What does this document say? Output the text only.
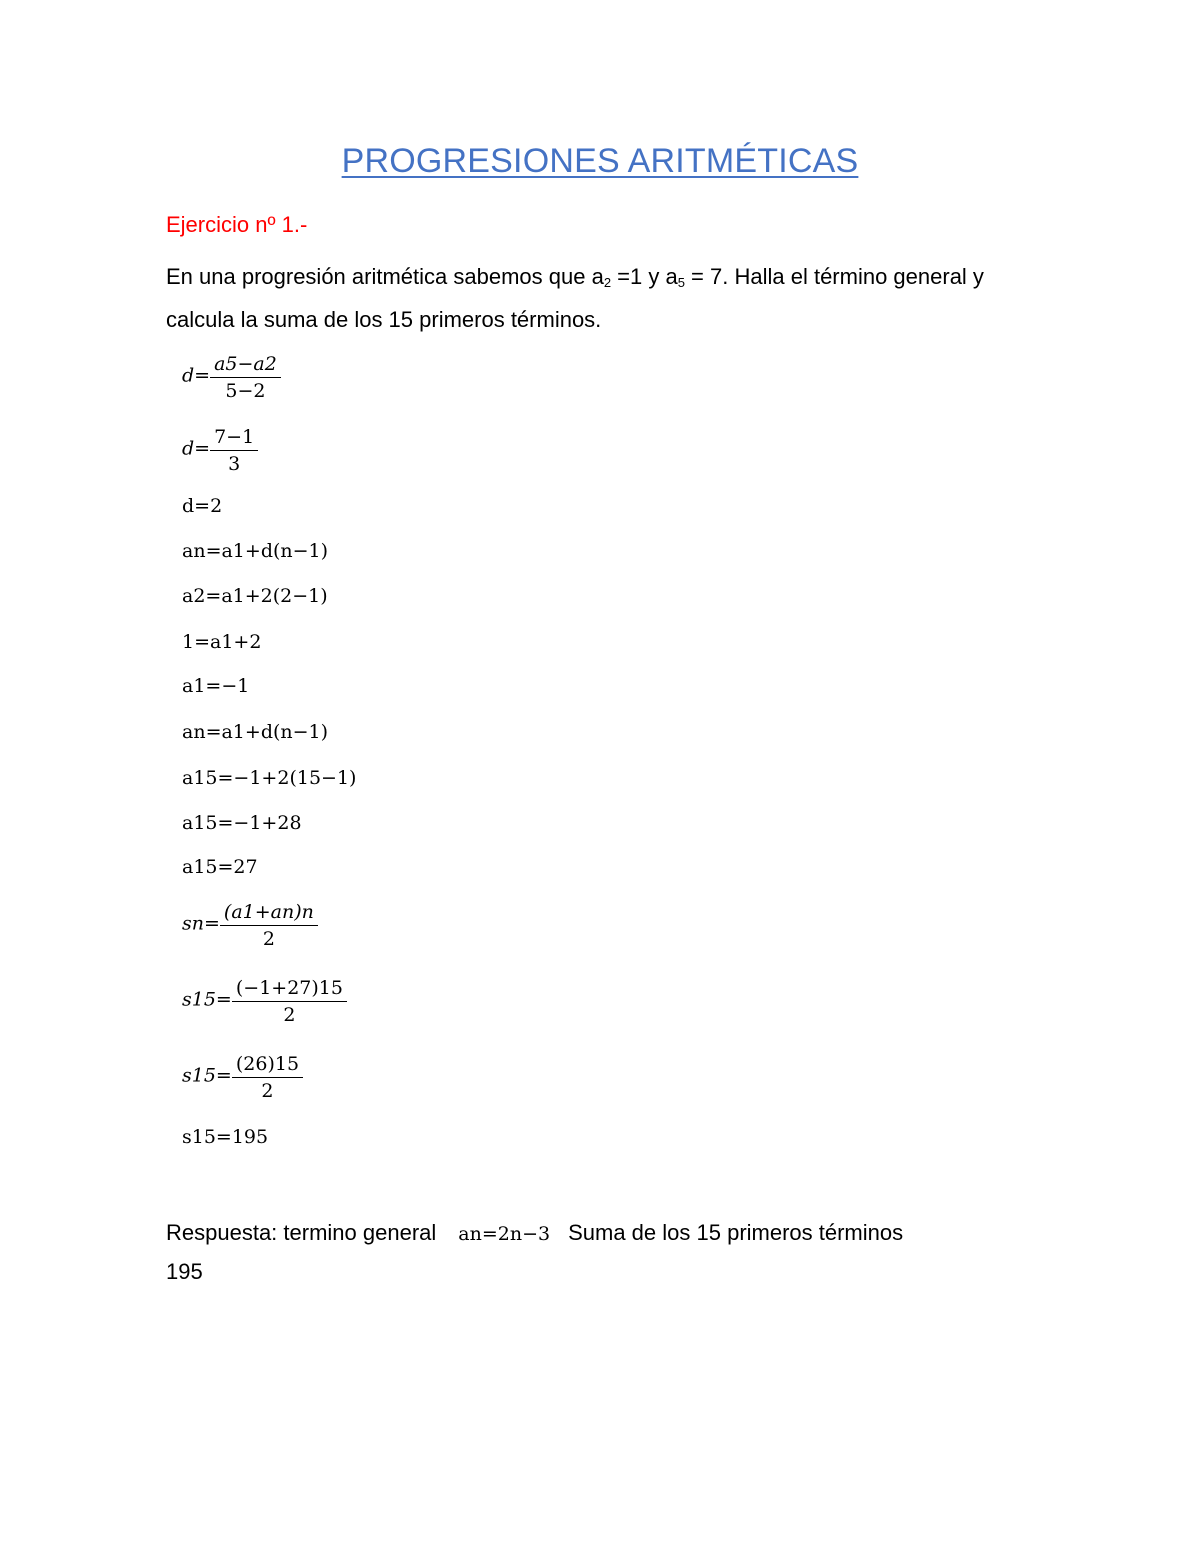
PROGRESIONES ARITMÉTICAS
Ejercicio nº 1.-
En una progresión aritmética sabemos que $a_2 =1$ y $a_5 = 7$. Halla el término general y calcula la suma de los 15 primeros términos.
$d= \frac{a5-a2}{5-2}$
$d= \frac{7-1}{3}$
d=2
an=a1+d(n−1)
a2=a1+2(2−1)
1=a1+2
a1=−1
an=a1+d(n−1)
a15=−1+2(15−1)
a15=−1+28
a15=27
$sn= \frac{(a1+an)n}{2}$
$s15= \frac{(-1+27)15}{2}$
$s15= \frac{(26)15}{2}$
s15=195
Respuesta: termino general an=2n−3 Suma de los 15 primeros términos
195
